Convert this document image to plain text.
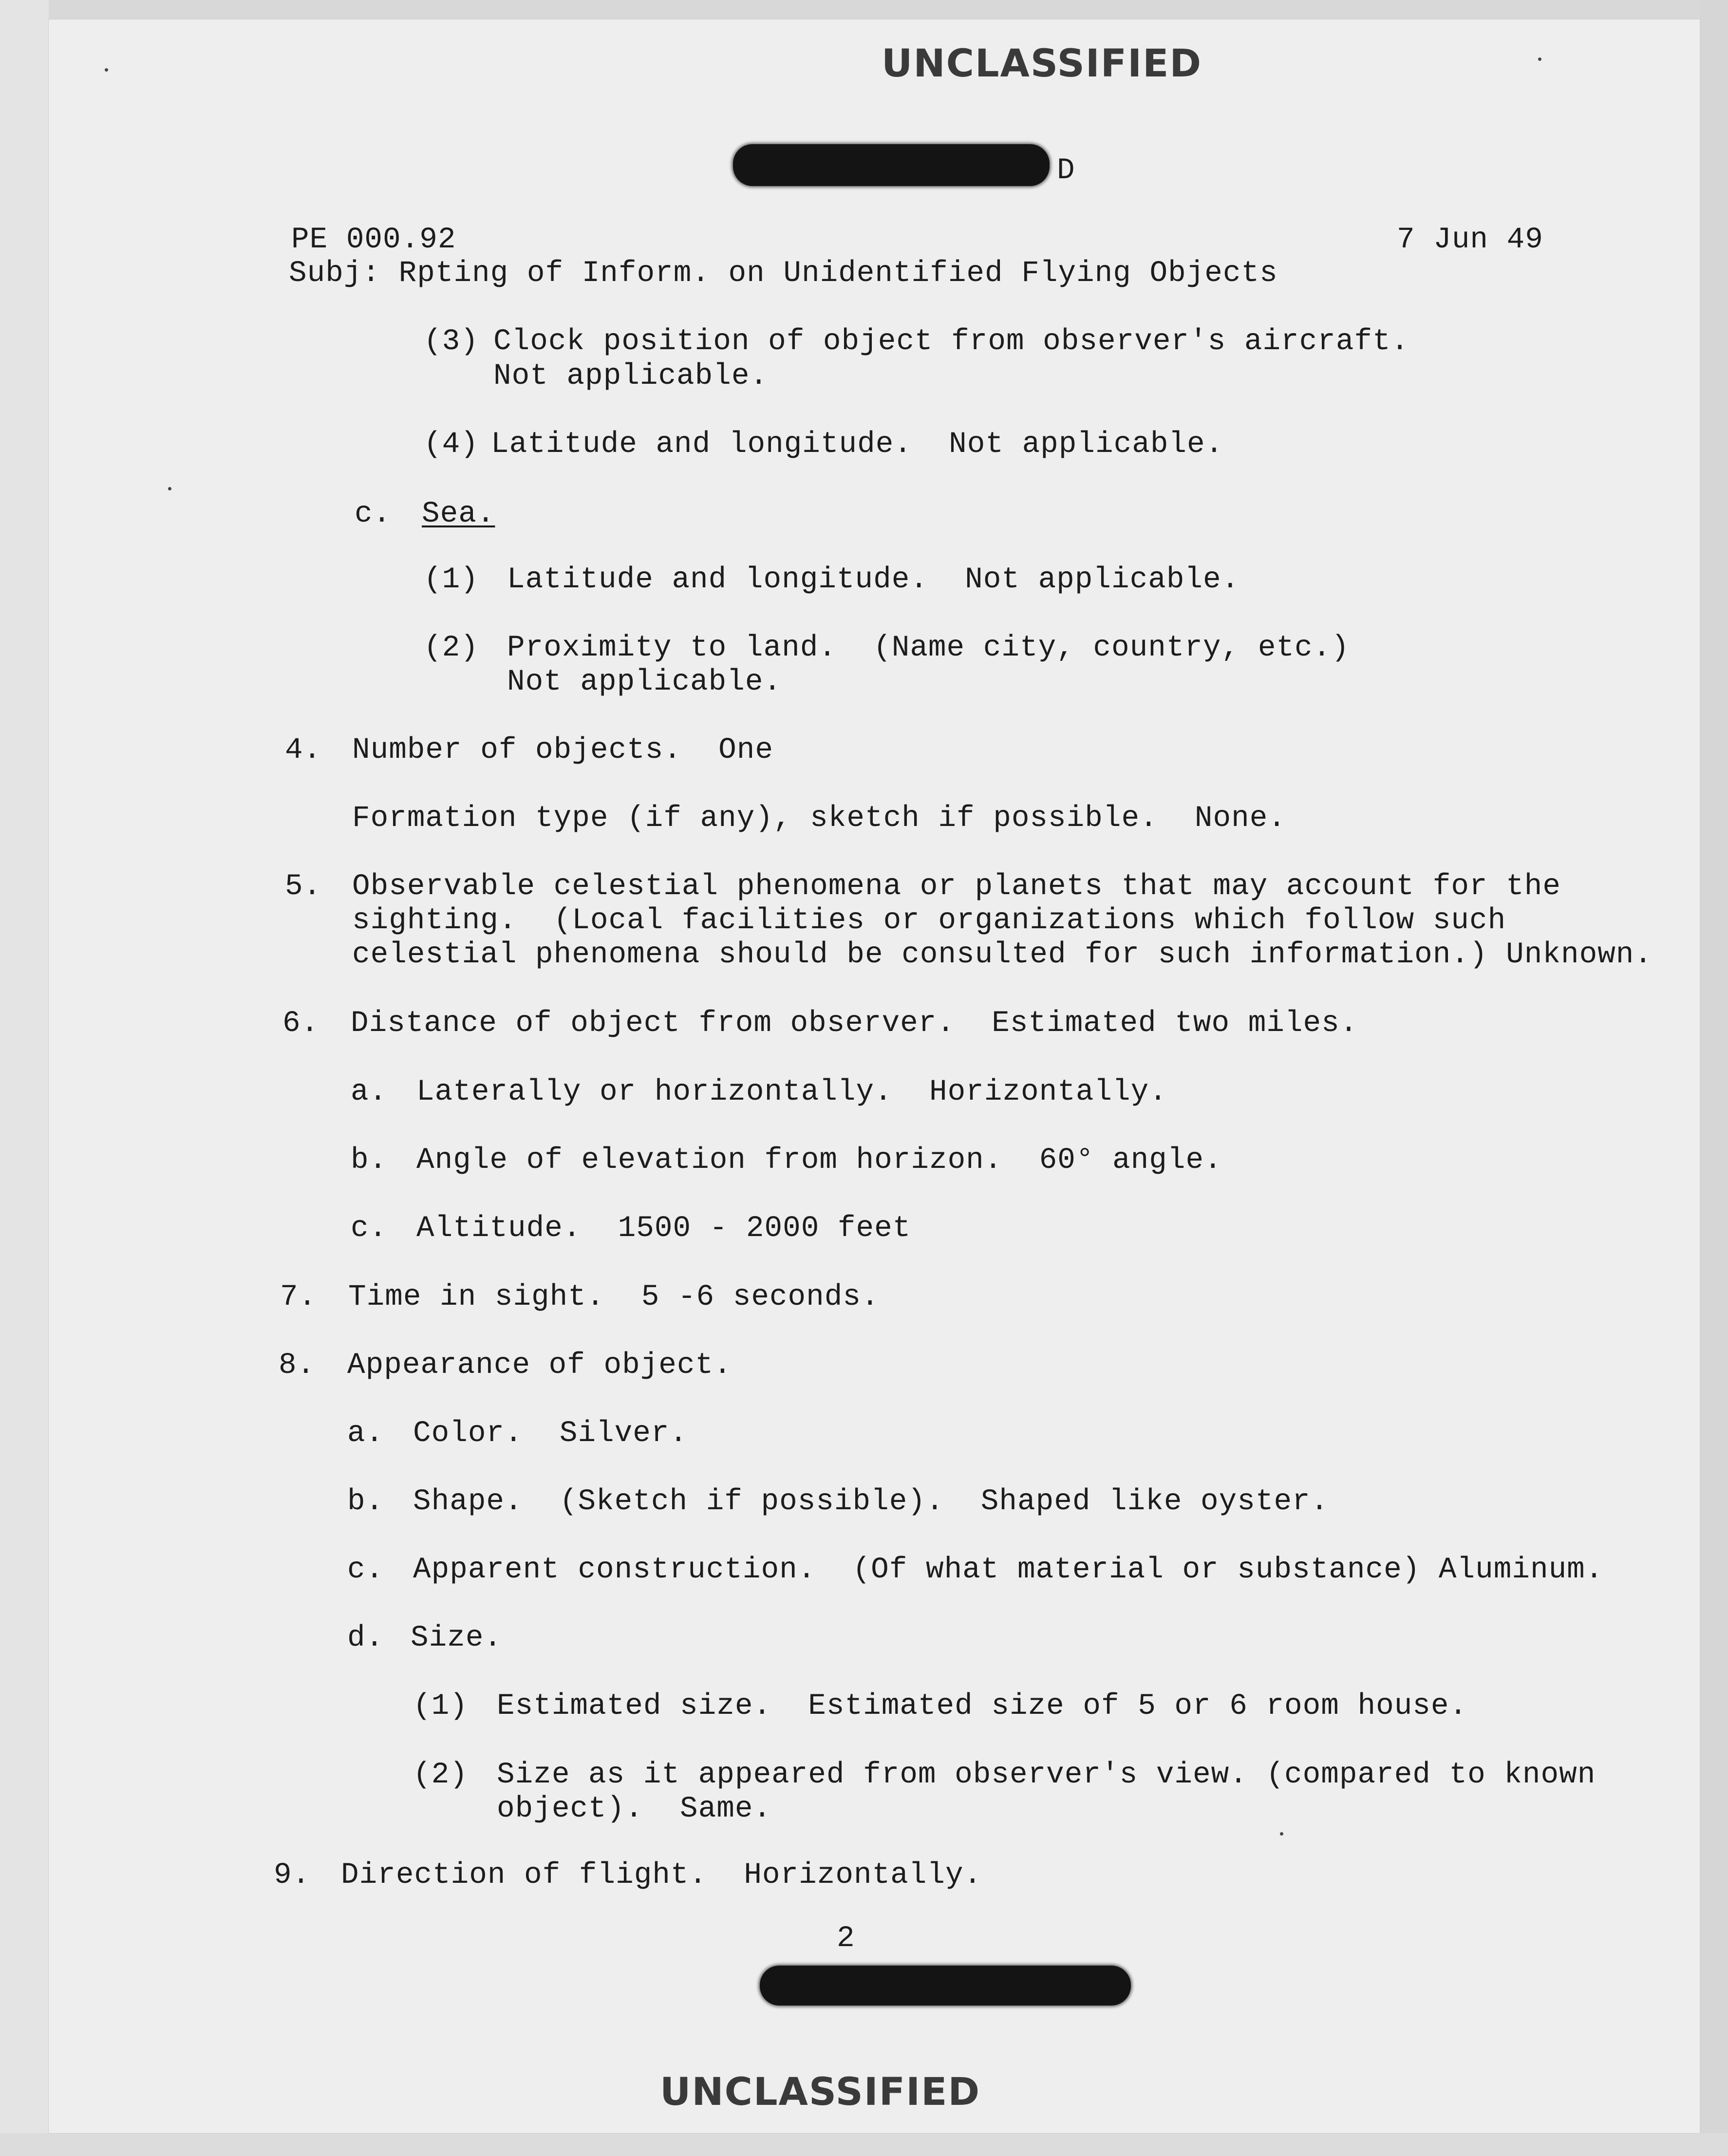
UNCLASSIFIED
D
PE 000.92	7 Jun 49
Subj: Rpting of Inform. on Unidentified Flying Objects
(3) Clock position of object from observer's aircraft.
Not applicable.
(4) Latitude and longitude.  Not applicable.
c. Sea.
(1) Latitude and longitude.  Not applicable.
(2) Proximity to land.  (Name city, country, etc.)
Not applicable.
4. Number of objects.  One
Formation type (if any), sketch if possible.  None.
5. Observable celestial phenomena or planets that may account for the
sighting.  (Local facilities or organizations which follow such
celestial phenomena should be consulted for such information.) Unknown.
6. Distance of object from observer.  Estimated two miles.
a. Laterally or horizontally.  Horizontally.
b. Angle of elevation from horizon.  60° angle.
c. Altitude.  1500 - 2000 feet
7. Time in sight.  5 -6 seconds.
8. Appearance of object.
a. Color.  Silver.
b. Shape.  (Sketch if possible).  Shaped like oyster.
c. Apparent construction.  (Of what material or substance) Aluminum.
d. Size.
(1) Estimated size.  Estimated size of 5 or 6 room house.
(2) Size as it appeared from observer's view. (compared to known
object).  Same.
9. Direction of flight.  Horizontally.
2
UNCLASSIFIED
